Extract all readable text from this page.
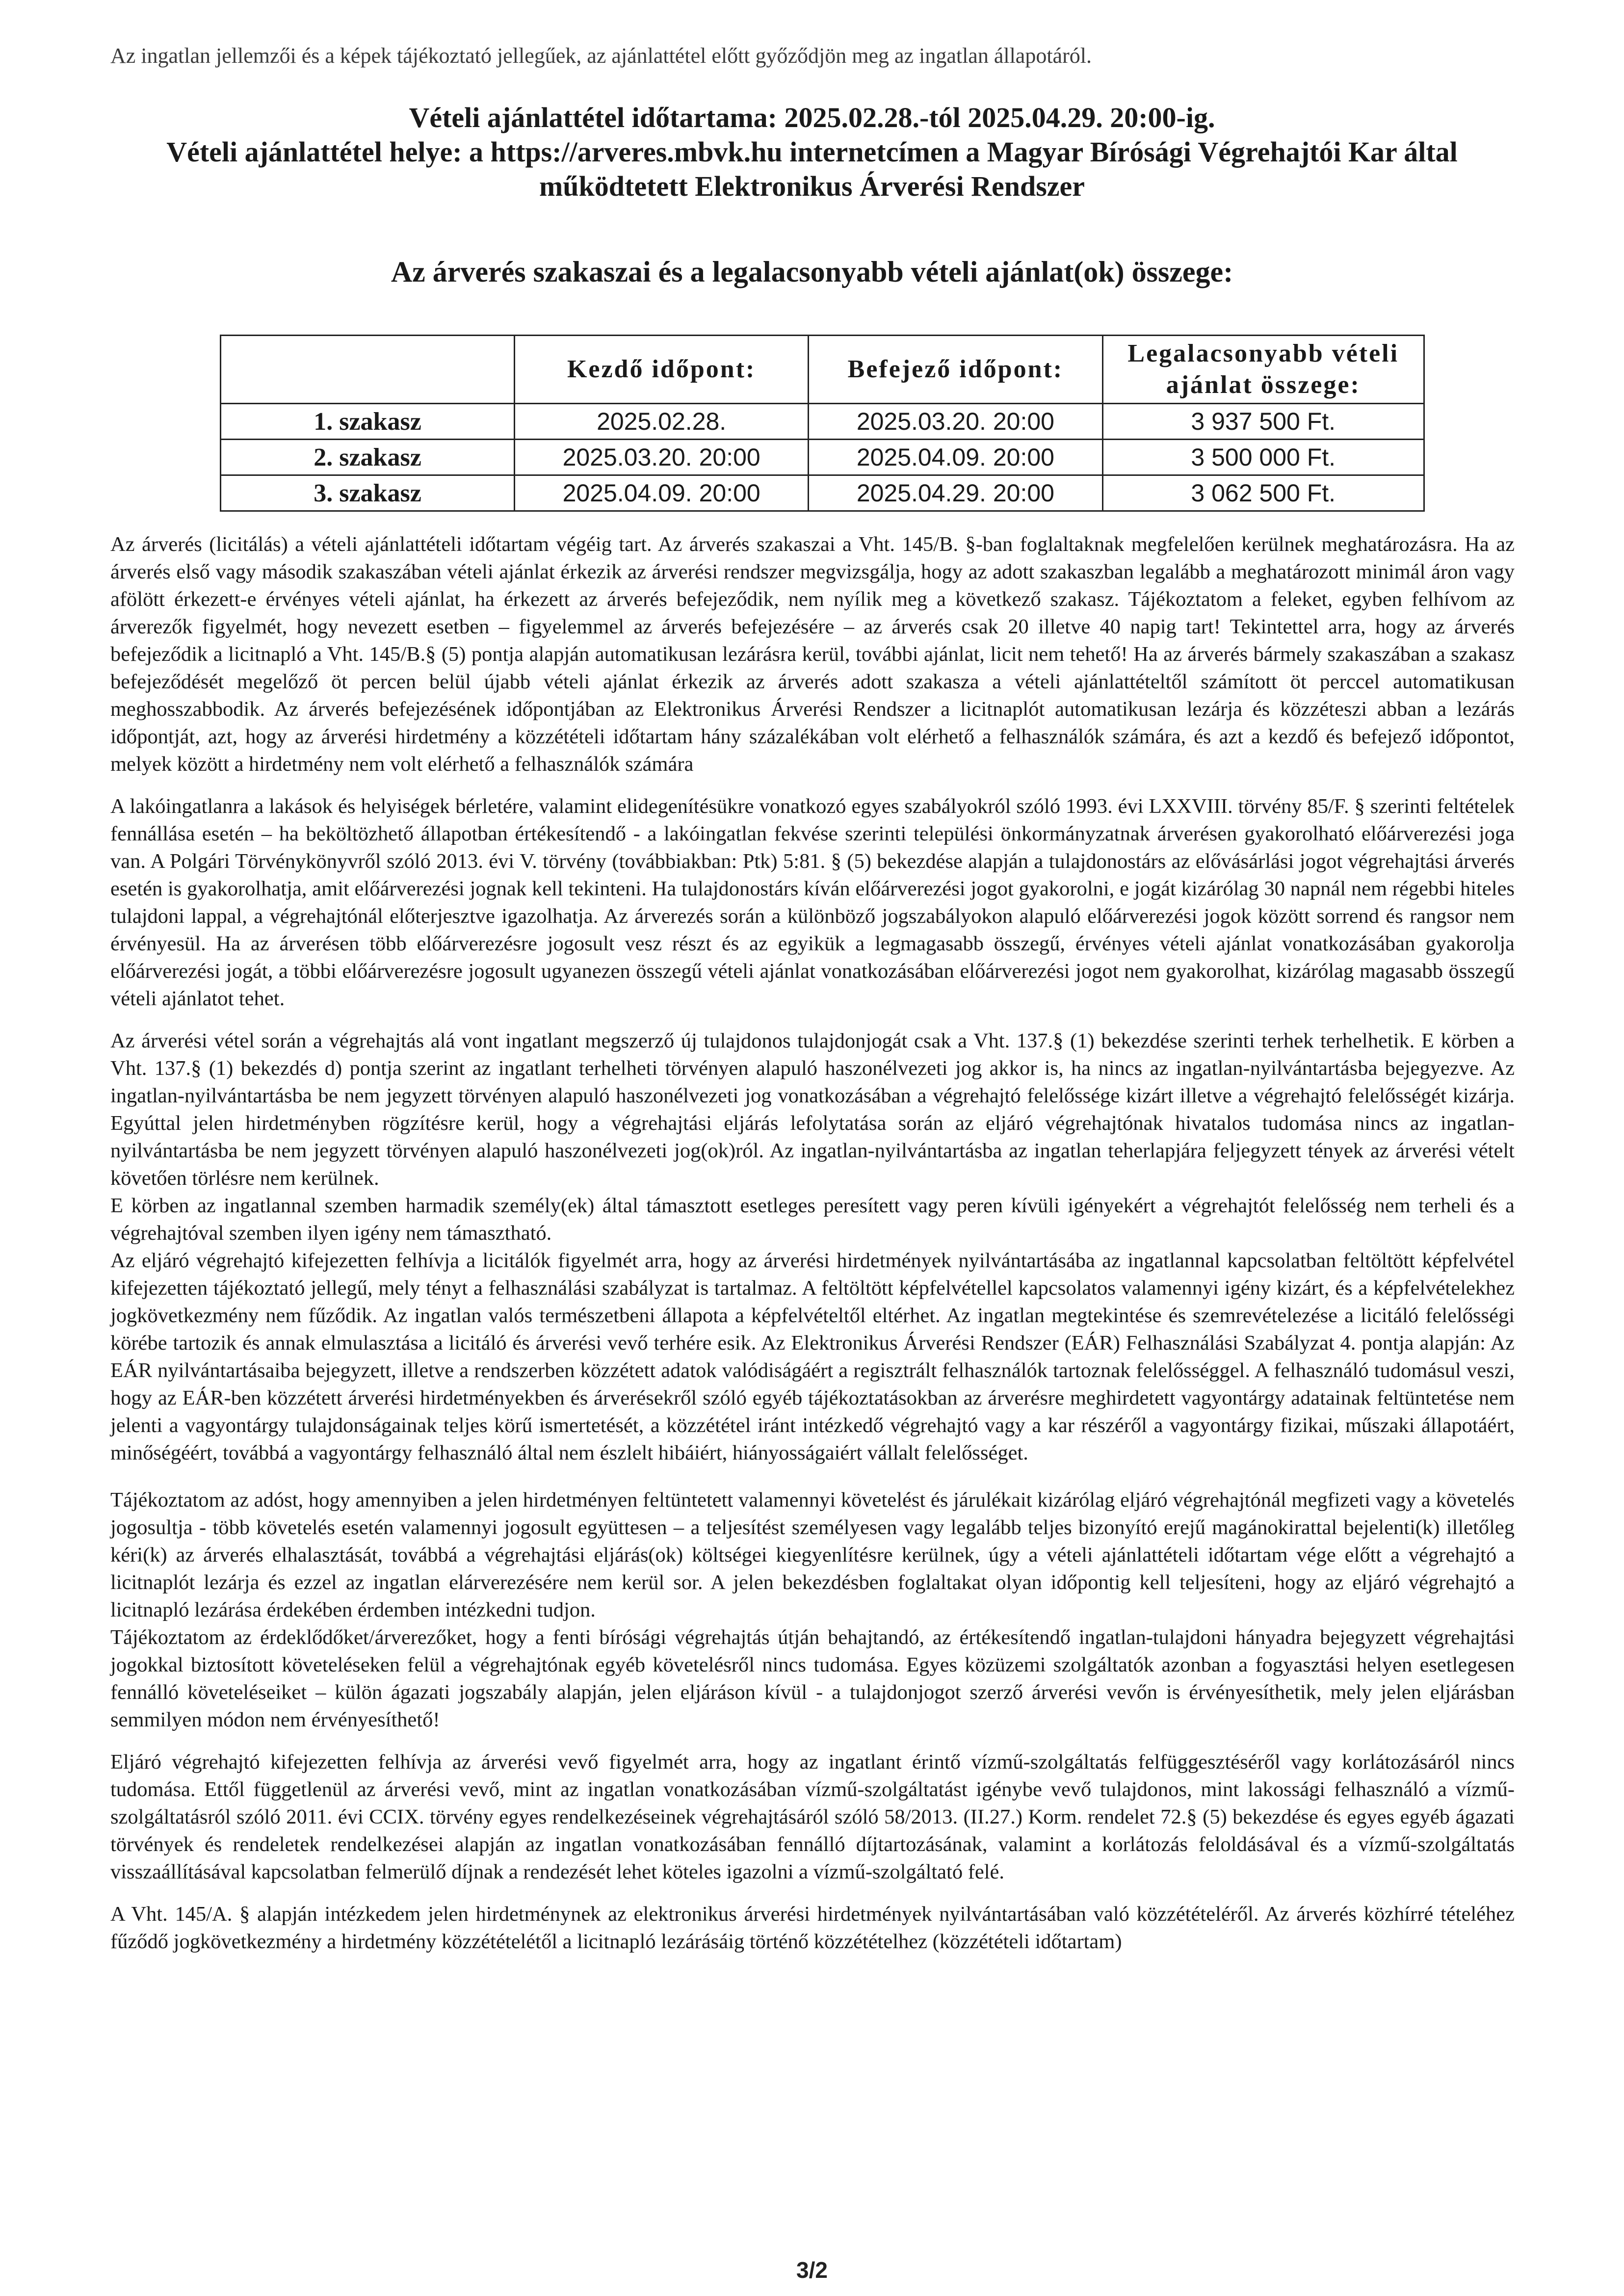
Az ingatlan jellemzői és a képek tájékoztató jellegűek, az ajánlattétel előtt győződjön meg az ingatlan állapotáról.
Vételi ajánlattétel időtartama: 2025.02.28.-tól 2025.04.29. 20:00-ig.
Vételi ajánlattétel helye: a https://arveres.mbvk.hu internetcímen a Magyar Bírósági Végrehajtói Kar által
működtetett Elektronikus Árverési Rendszer
Az árverés szakaszai és a legalacsonyabb vételi ajánlat(ok) összege:
	Kezdő időpont:	Befejező időpont:	Legalacsonyabb vételi ajánlat összege:
1. szakasz	2025.02.28.	2025.03.20. 20:00	3 937 500 Ft.
2. szakasz	2025.03.20. 20:00	2025.04.09. 20:00	3 500 000 Ft.
3. szakasz	2025.04.09. 20:00	2025.04.29. 20:00	3 062 500 Ft.

Az árverés (licitálás) a vételi ajánlattételi időtartam végéig tart. Az árverés szakaszai a Vht. 145/B. §-ban foglaltaknak megfelelően kerülnek meghatározásra. Ha az árverés első vagy második szakaszában vételi ajánlat érkezik az árverési rendszer megvizsgálja, hogy az adott szakaszban legalább a meghatározott minimál áron vagy afölött érkezett-e érvényes vételi ajánlat, ha érkezett az árverés befejeződik, nem nyílik meg a következő szakasz. Tájékoztatom a feleket, egyben felhívom az árverezők figyelmét, hogy nevezett esetben – figyelemmel az árverés befejezésére – az árverés csak 20 illetve 40 napig tart! Tekintettel arra, hogy az árverés befejeződik a licitnapló a Vht. 145/B.§ (5) pontja alapján automatikusan lezárásra kerül, további ajánlat, licit nem tehető! Ha az árverés bármely szakaszában a szakasz befejeződését megelőző öt percen belül újabb vételi ajánlat érkezik az árverés adott szakasza a vételi ajánlattételtől számított öt perccel automatikusan meghosszabbodik. Az árverés befejezésének időpontjában az Elektronikus Árverési Rendszer a licitnaplót automatikusan lezárja és közzéteszi abban a lezárás időpontját, azt, hogy az árverési hirdetmény a közzétételi időtartam hány százalékában volt elérhető a felhasználók számára, és azt a kezdő és befejező időpontot, melyek között a hirdetmény nem volt elérhető a felhasználók számára

A lakóingatlanra a lakások és helyiségek bérletére, valamint elidegenítésükre vonatkozó egyes szabályokról szóló 1993. évi LXXVIII. törvény 85/F. § szerinti feltételek fennállása esetén – ha beköltözhető állapotban értékesítendő - a lakóingatlan fekvése szerinti települési önkormányzatnak árverésen gyakorolható előárverezési joga van. A Polgári Törvénykönyvről szóló 2013. évi V. törvény (továbbiakban: Ptk) 5:81. § (5) bekezdése alapján a tulajdonostárs az elővásárlási jogot végrehajtási árverés esetén is gyakorolhatja, amit előárverezési jognak kell tekinteni. Ha tulajdonostárs kíván előárverezési jogot gyakorolni, e jogát kizárólag 30 napnál nem régebbi hiteles tulajdoni lappal, a végrehajtónál előterjesztve igazolhatja. Az árverezés során a különböző jogszabályokon alapuló előárverezési jogok között sorrend és rangsor nem érvényesül. Ha az árverésen több előárverezésre jogosult vesz részt és az egyikük a legmagasabb összegű, érvényes vételi ajánlat vonatkozásában gyakorolja előárverezési jogát, a többi előárverezésre jogosult ugyanezen összegű vételi ajánlat vonatkozásában előárverezési jogot nem gyakorolhat, kizárólag magasabb összegű vételi ajánlatot tehet.

Az árverési vétel során a végrehajtás alá vont ingatlant megszerző új tulajdonos tulajdonjogát csak a Vht. 137.§ (1) bekezdése szerinti terhek terhelhetik. E körben a Vht. 137.§ (1) bekezdés d) pontja szerint az ingatlant terhelheti törvényen alapuló haszonélvezeti jog akkor is, ha nincs az ingatlan-nyilvántartásba bejegyezve. Az ingatlan-nyilvántartásba be nem jegyzett törvényen alapuló haszonélvezeti jog vonatkozásában a végrehajtó felelőssége kizárt illetve a végrehajtó felelősségét kizárja. Egyúttal jelen hirdetményben rögzítésre kerül, hogy a végrehajtási eljárás lefolytatása során az eljáró végrehajtónak hivatalos tudomása nincs az ingatlan-nyilvántartásba be nem jegyzett törvényen alapuló haszonélvezeti jog(ok)ról. Az ingatlan-nyilvántartásba az ingatlan teherlapjára feljegyzett tények az árverési vételt követően törlésre nem kerülnek.

E körben az ingatlannal szemben harmadik személy(ek) által támasztott esetleges peresített vagy peren kívüli igényekért a végrehajtót felelősség nem terheli és a végrehajtóval szemben ilyen igény nem támasztható.

Az eljáró végrehajtó kifejezetten felhívja a licitálók figyelmét arra, hogy az árverési hirdetmények nyilvántartásába az ingatlannal kapcsolatban feltöltött képfelvétel kifejezetten tájékoztató jellegű, mely tényt a felhasználási szabályzat is tartalmaz. A feltöltött képfelvétellel kapcsolatos valamennyi igény kizárt, és a képfelvételekhez jogkövetkezmény nem fűződik. Az ingatlan valós természetbeni állapota a képfelvételtől eltérhet. Az ingatlan megtekintése és szemrevételezése a licitáló felelősségi körébe tartozik és annak elmulasztása a licitáló és árverési vevő terhére esik. Az Elektronikus Árverési Rendszer (EÁR) Felhasználási Szabályzat 4. pontja alapján: Az EÁR nyilvántartásaiba bejegyzett, illetve a rendszerben közzétett adatok valódiságáért a regisztrált felhasználók tartoznak felelősséggel. A felhasználó tudomásul veszi, hogy az EÁR-ben közzétett árverési hirdetményekben és árverésekről szóló egyéb tájékoztatásokban az árverésre meghirdetett vagyontárgy adatainak feltüntetése nem jelenti a vagyontárgy tulajdonságainak teljes körű ismertetését, a közzététel iránt intézkedő végrehajtó vagy a kar részéről a vagyontárgy fizikai, műszaki állapotáért, minőségéért, továbbá a vagyontárgy felhasználó által nem észlelt hibáiért, hiányosságaiért vállalt felelősséget.

Tájékoztatom az adóst, hogy amennyiben a jelen hirdetményen feltüntetett valamennyi követelést és járulékait kizárólag eljáró végrehajtónál megfizeti vagy a követelés jogosultja - több követelés esetén valamennyi jogosult együttesen – a teljesítést személyesen vagy legalább teljes bizonyító erejű magánokirattal bejelenti(k) illetőleg kéri(k) az árverés elhalasztását, továbbá a végrehajtási eljárás(ok) költségei kiegyenlítésre kerülnek, úgy a vételi ajánlattételi időtartam vége előtt a végrehajtó a licitnaplót lezárja és ezzel az ingatlan elárverezésére nem kerül sor. A jelen bekezdésben foglaltakat olyan időpontig kell teljesíteni, hogy az eljáró végrehajtó a licitnapló lezárása érdekében érdemben intézkedni tudjon.

Tájékoztatom az érdeklődőket/árverezőket, hogy a fenti bírósági végrehajtás útján behajtandó, az értékesítendő ingatlan-tulajdoni hányadra bejegyzett végrehajtási jogokkal biztosított követeléseken felül a végrehajtónak egyéb követelésről nincs tudomása. Egyes közüzemi szolgáltatók azonban a fogyasztási helyen esetlegesen fennálló követeléseiket – külön ágazati jogszabály alapján, jelen eljáráson kívül - a tulajdonjogot szerző árverési vevőn is érvényesíthetik, mely jelen eljárásban semmilyen módon nem érvényesíthető!

Eljáró végrehajtó kifejezetten felhívja az árverési vevő figyelmét arra, hogy az ingatlant érintő vízmű-szolgáltatás felfüggesztéséről vagy korlátozásáról nincs tudomása. Ettől függetlenül az árverési vevő, mint az ingatlan vonatkozásában vízmű-szolgáltatást igénybe vevő tulajdonos, mint lakossági felhasználó a vízmű-szolgáltatásról szóló 2011. évi CCIX. törvény egyes rendelkezéseinek végrehajtásáról szóló 58/2013. (II.27.) Korm. rendelet 72.§ (5) bekezdése és egyes egyéb ágazati törvények és rendeletek rendelkezései alapján az ingatlan vonatkozásában fennálló díjtartozásának, valamint a korlátozás feloldásával és a vízmű-szolgáltatás visszaállításával kapcsolatban felmerülő díjnak a rendezését lehet köteles igazolni a vízmű-szolgáltató felé.

A Vht. 145/A. § alapján intézkedem jelen hirdetménynek az elektronikus árverési hirdetmények nyilvántartásában való közzétételéről. Az árverés közhírré tételéhez fűződő jogkövetkezmény a hirdetmény közzétételétől a licitnapló lezárásáig történő közzétételhez (közzétételi időtartam)

3/2
